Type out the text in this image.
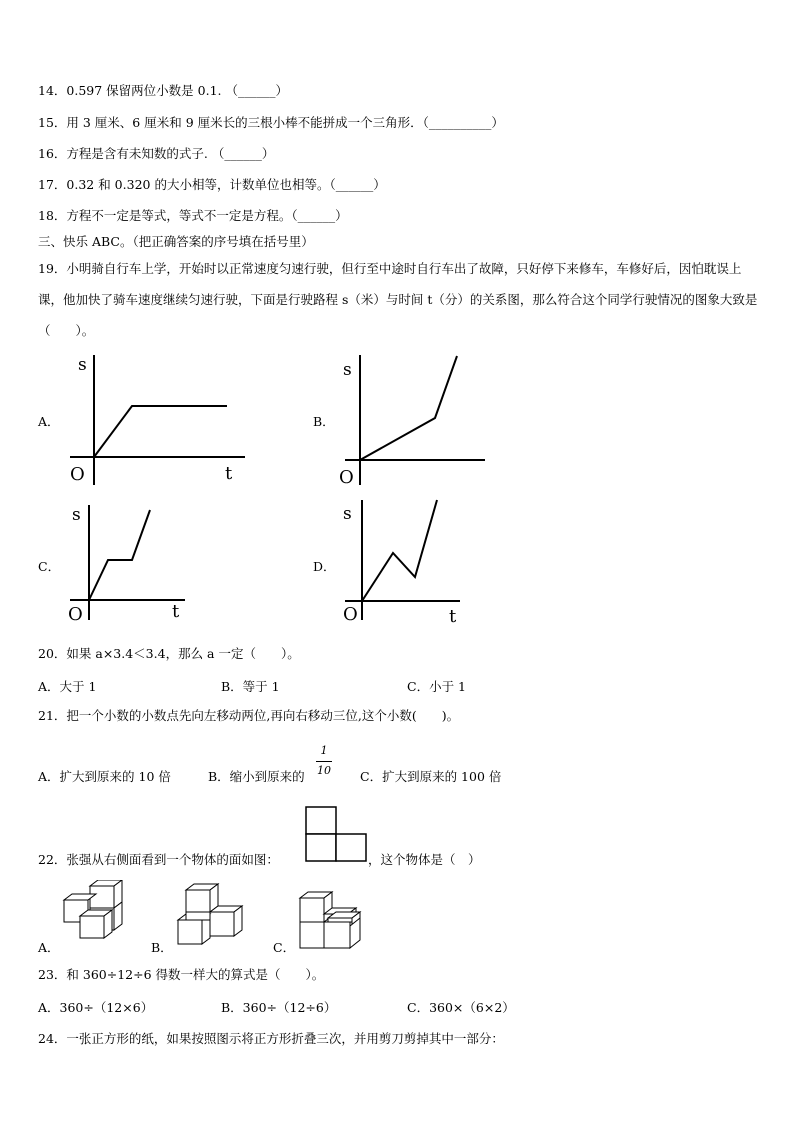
14．0.597 保留两位小数是 0.1. （______）
15．用 3 厘米、6 厘米和 9 厘米长的三根小棒不能拼成一个三角形．（__________）
16．方程是含有未知数的式子. （______）
17．0.32 和 0.320 的大小相等，计数单位也相等。（______）
18．方程不一定是等式，等式不一定是方程。（______）
三、快乐 ABC。（把正确答案的序号填在括号里）
19．小明骑自行车上学，开始时以正常速度匀速行驶，但行至中途时自行车出了故障，只好停下来修车，车修好后，因怕耽误上课，他加快了骑车速度继续匀速行驶，下面是行驶路程 s（米）与时间 t（分）的关系图，那么符合这个同学行驶情况的图象大致是（　　）。
A．	B．
C．	D．
s
O	t
s
O
s
O	t
s
O	t
20．如果 a×3.4＜3.4，那么 a 一定（　　）。
A．大于 1	B．等于 1	C．小于 1
21．把一个小数的小数点先向左移动两位,再向右移动三位,这个小数(　　)。
A．扩大到原来的 10 倍	B．缩小到原来的
1
10 C．扩大到原来的 100 倍
22．张强从右侧面看到一个物体的面如图：	，这个物体是（　）
A．	B．	C．
23．和 360÷12÷6 得数一样大的算式是（　　）。
A．360÷（12×6）	B．360÷（12÷6）	C．360×（6×2）
24．一张正方形的纸，如果按照图示将正方形折叠三次，并用剪刀剪掉其中一部分：
